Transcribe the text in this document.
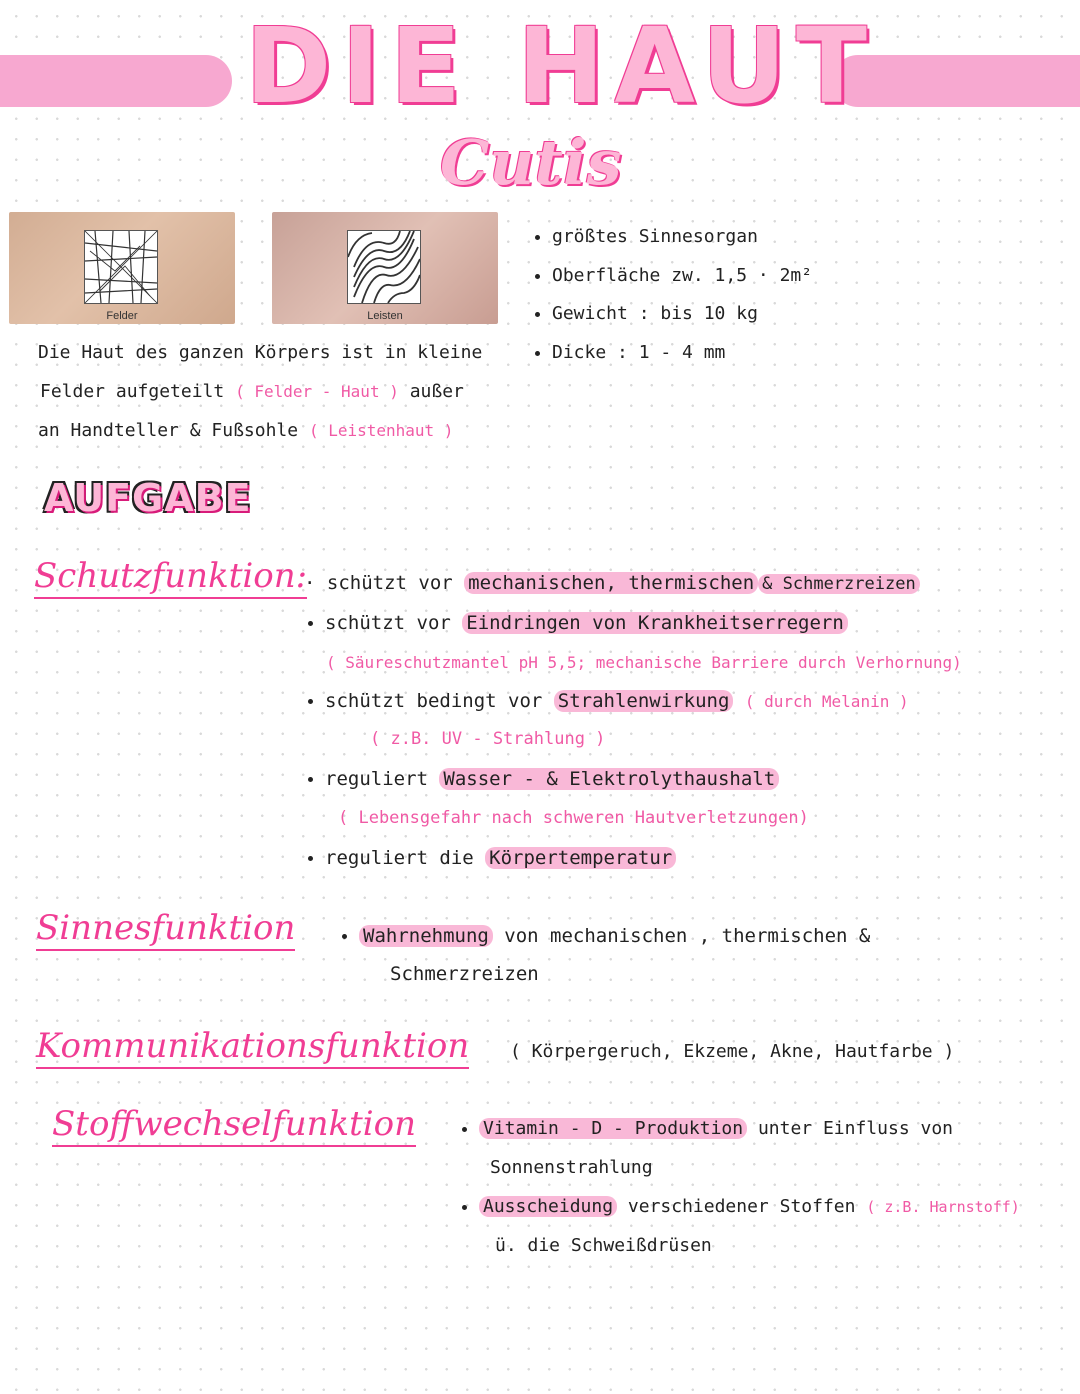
DIE HAUT
Cutis
Felder	Leisten
größtes Sinnesorgan
Oberfläche zw. 1,5 · 2m²
Gewicht : bis 10 kg
Dicke : 1 - 4 mm
Die Haut des ganzen Körpers ist in kleine
Felder aufgeteilt ( Felder - Haut ) außer
an Handteller & Fußsohle ( Leistenhaut )
AUFGABE
Schutzfunktion:
· schützt vor mechanischen, thermischen & Schmerzreizen
schützt vor Eindringen von Krankheitserregern
( Säureschutzmantel pH 5,5; mechanische Barriere durch Verhornung)
schützt bedingt vor Strahlenwirkung ( durch Melanin )
( z.B. UV - Strahlung )
reguliert Wasser - & Elektrolythaushalt
( Lebensgefahr nach schweren Hautverletzungen)
reguliert die Körpertemperatur
Sinnesfunktion	Wahrnehmung von mechanischen , thermischen &
Schmerzreizen
Kommunikationsfunktion ( Körpergeruch, Ekzeme, Akne, Hautfarbe )
Stoffwechselfunktion	Vitamin - D - Produktion unter Einfluss von
Sonnenstrahlung
Ausscheidung verschiedener Stoffen ( z.B. Harnstoff)
ü. die Schweißdrüsen
